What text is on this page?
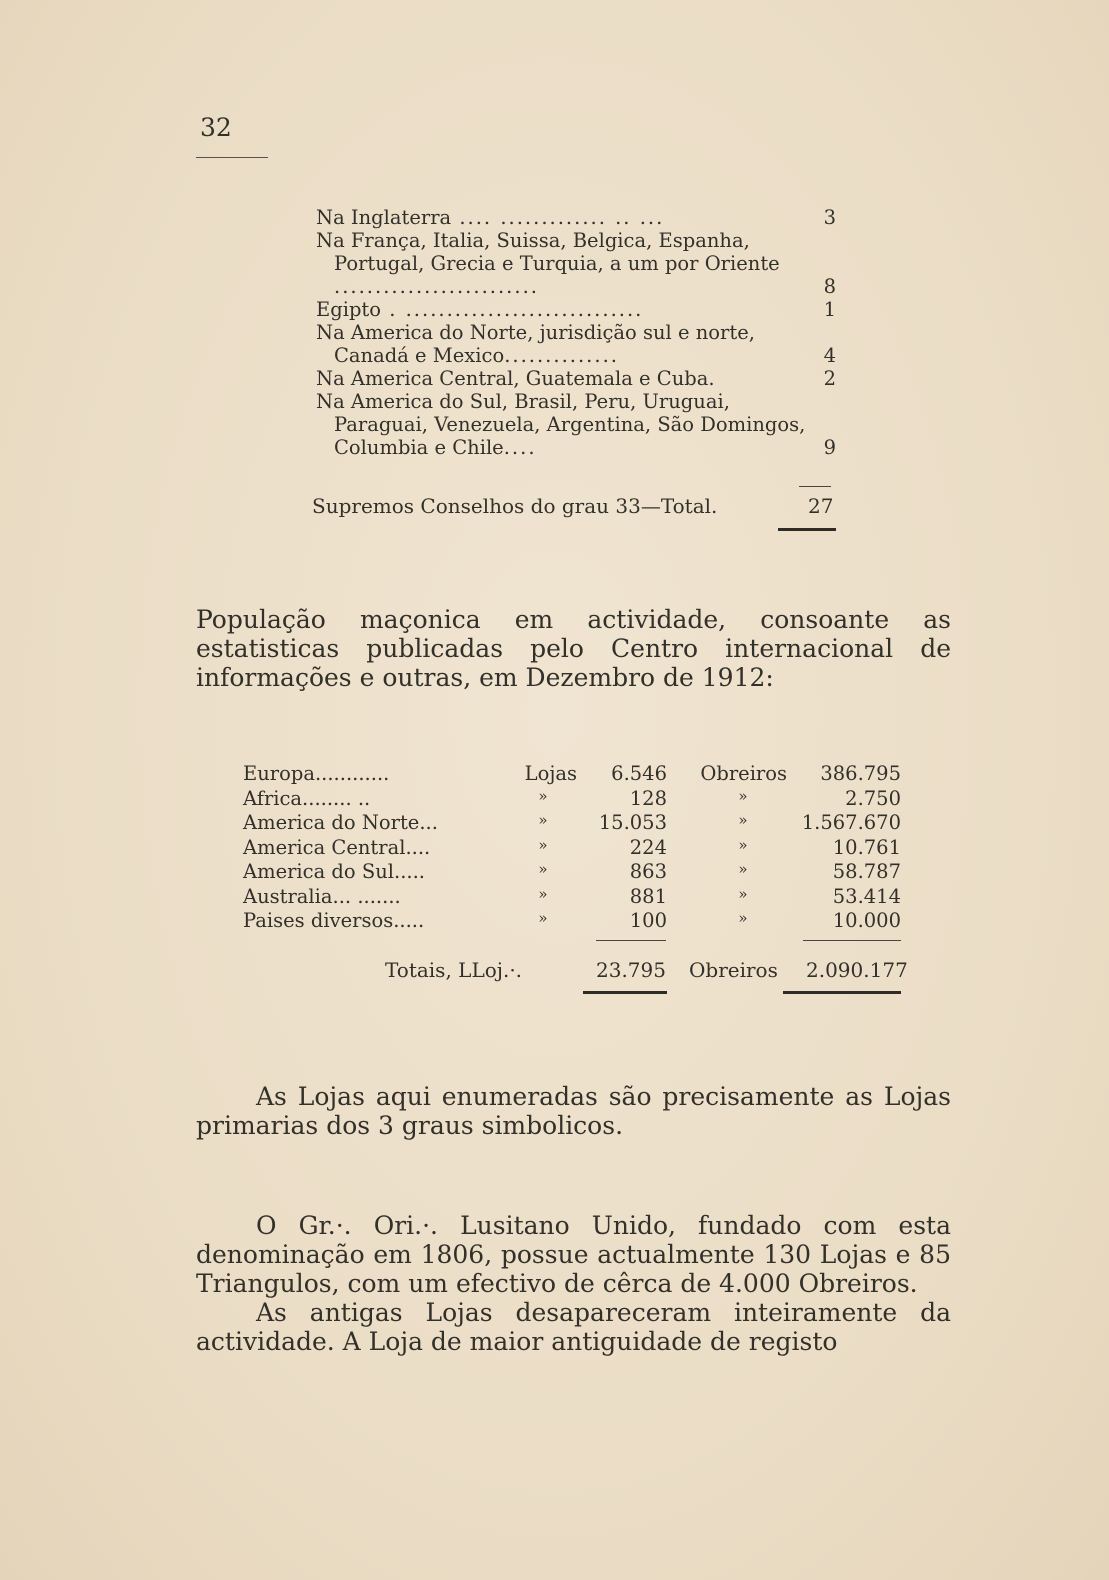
32
Na Inglaterra .... ............. .. ...	3
Na França, Italia, Suissa, Belgica, Espanha, Portugal, Grecia e Turquia, a um por Oriente .........................	8
Egipto . .............................	1
Na America do Norte, jurisdição sul e norte, Canadá e Mexico..............	4
Na America Central, Guatemala e Cuba.	2
Na America do Sul, Brasil, Peru, Uruguai, Paraguai, Venezuela, Argentina, São Domingos, Columbia e Chile....	9
Supremos Conselhos do grau 33—Total.	27
População maçonica em actividade, consoante as estatisticas publicadas pelo Centro internacional de informações e outras, em Dezembro de 1912:
Europa............	Lojas	6.546	Obreiros	386.795
Africa........ ..	»	128	»	2.750
America do Norte...	»	15.053	»	1.567.670
America Central....	»	224	»	10.761
America do Sul.....	»	863	»	58.787
Australia... .......	»	881	»	53.414
Paises diversos.....	»	100	»	10.000
Totais, LLoj.·.	23.795 Obreiros 2.090.177
As Lojas aqui enumeradas são precisamente as Lojas primarias dos 3 graus simbolicos.
O Gr.·. Ori.·. Lusitano Unido, fundado com esta denominação em 1806, possue actualmente 130 Lojas e 85 Triangulos, com um efectivo de cêrca de 4.000 Obreiros.
As antigas Lojas desapareceram inteiramente da actividade. A Loja de maior antiguidade de registo
